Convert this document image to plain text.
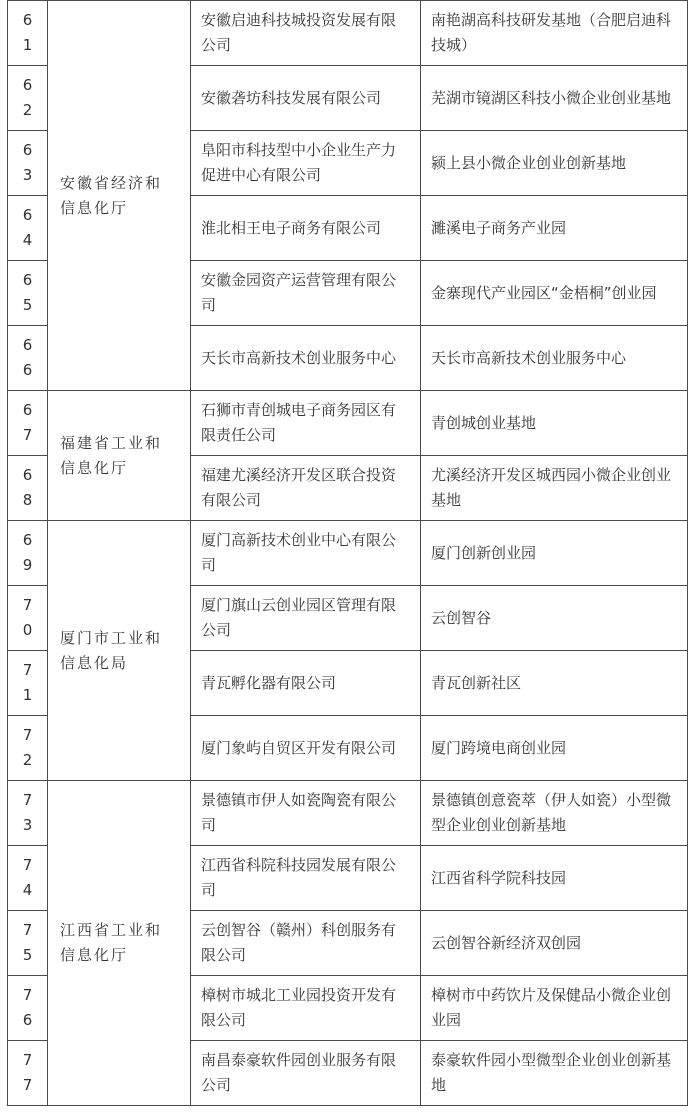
61	安徽省经济和信息化厅	安徽启迪科技城投资发展有限公司	南艳湖高科技研发基地（合肥启迪科技城）

62		安徽砻坊科技发展有限公司	芜湖市镜湖区科技小微企业创业基地

63		阜阳市科技型中小企业生产力促进中心有限公司	颍上县小微企业创业创新基地

64		淮北相王电子商务有限公司	濉溪电子商务产业园

65		安徽金园资产运营管理有限公司	金寨现代产业园区“金梧桐”创业园

66		天长市高新技术创业服务中心	天长市高新技术创业服务中心

67	福建省工业和信息化厅	石狮市青创城电子商务园区有限责任公司	青创城创业基地

68		福建尤溪经济开发区联合投资有限公司	尤溪经济开发区城西园小微企业创业基地

69	厦门市工业和信息化局	厦门高新技术创业中心有限公司	厦门创新创业园

70		厦门旗山云创业园区管理有限公司	云创智谷

71		青瓦孵化器有限公司	青瓦创新社区

72		厦门象屿自贸区开发有限公司	厦门跨境电商创业园

73	江西省工业和信息化厅	景德镇市伊人如瓷陶瓷有限公司	景德镇创意瓷萃（伊人如瓷）小型微型企业创业创新基地

74		江西省科院科技园发展有限公司	江西省科学院科技园

75		云创智谷（赣州）科创服务有限公司	云创智谷新经济双创园

76		樟树市城北工业园投资开发有限公司	樟树市中药饮片及保健品小微企业创业园

77		南昌泰豪软件园创业服务有限公司	泰豪软件园小型微型企业创业创新基地
